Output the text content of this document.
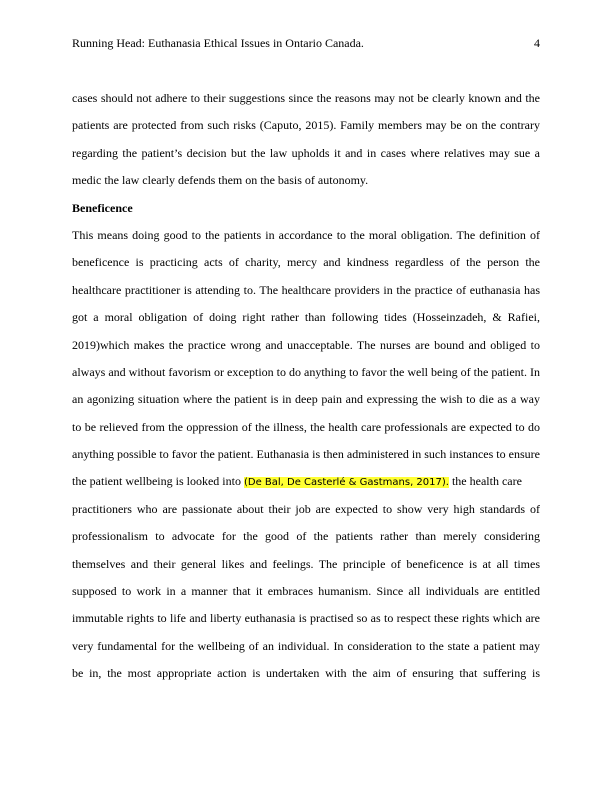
Running Head: Euthanasia Ethical Issues in Ontario Canada.	4
cases should not adhere to their suggestions since the reasons may not be clearly known and the
patients are protected from such risks (Caputo, 2015). Family members may be on the contrary
regarding the patient’s decision but the law upholds it and in cases where relatives may sue a
medic the law clearly defends them on the basis of autonomy.
Beneficence
This means doing good to the patients in accordance to the moral obligation. The definition of
beneficence is practicing acts of charity, mercy and kindness regardless of the person the
healthcare practitioner is attending to. The healthcare providers in the practice of euthanasia has
got a moral obligation of doing right rather than following tides (Hosseinzadeh, & Rafiei,
2019)which makes the practice wrong and unacceptable. The nurses are bound and obliged to
always and without favorism or exception to do anything to favor the well being of the patient. In
an agonizing situation where the patient is in deep pain and expressing the wish to die as a way
to be relieved from the oppression of the illness, the health care professionals are expected to do
anything possible to favor the patient. Euthanasia is then administered in such instances to ensure
the patient wellbeing is looked into (De Bal, De Casterlé & Gastmans, 2017). the health care
practitioners who are passionate about their job are expected to show very high standards of
professionalism to advocate for the good of the patients rather than merely considering
themselves and their general likes and feelings. The principle of beneficence is at all times
supposed to work in a manner that it embraces humanism. Since all individuals are entitled
immutable rights to life and liberty euthanasia is practised so as to respect these rights which are
very fundamental for the wellbeing of an individual. In consideration to the state a patient may
be in, the most appropriate action is undertaken with the aim of ensuring that suffering is
